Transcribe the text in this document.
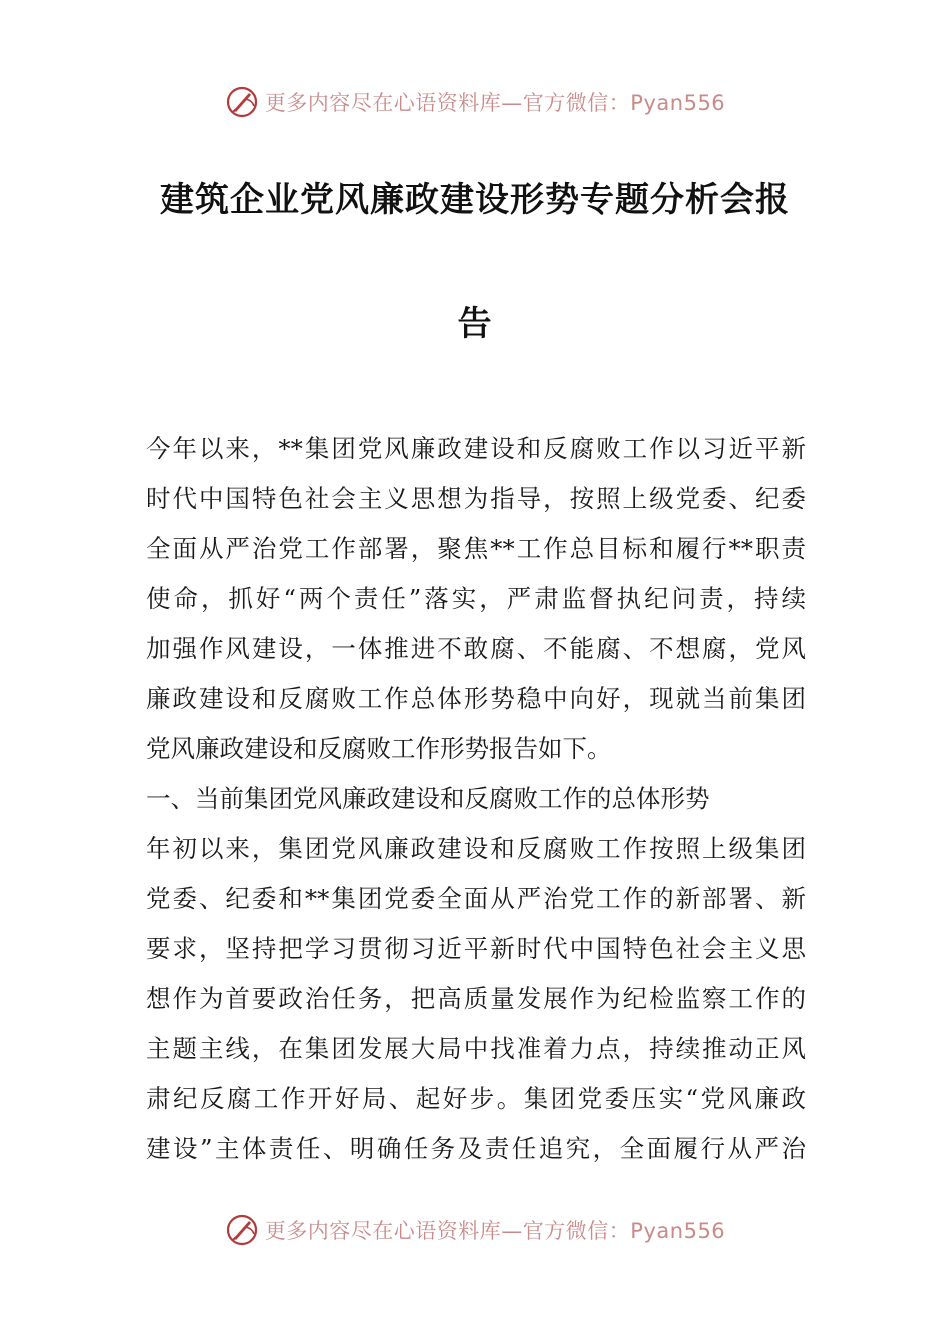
更多内容尽在心语资料库—官方微信：Pyan556
建筑企业党风廉政建设形势专题分析会报
告
今年以来，**集团党风廉政建设和反腐败工作以习近平新
时代中国特色社会主义思想为指导，按照上级党委、纪委
全面从严治党工作部署，聚焦**工作总目标和履行**职责
使命，抓好“两个责任”落实，严肃监督执纪问责，持续
加强作风建设，一体推进不敢腐、不能腐、不想腐，党风
廉政建设和反腐败工作总体形势稳中向好，现就当前集团
党风廉政建设和反腐败工作形势报告如下。
一、当前集团党风廉政建设和反腐败工作的总体形势
年初以来，集团党风廉政建设和反腐败工作按照上级集团
党委、纪委和**集团党委全面从严治党工作的新部署、新
要求，坚持把学习贯彻习近平新时代中国特色社会主义思
想作为首要政治任务，把高质量发展作为纪检监察工作的
主题主线，在集团发展大局中找准着力点，持续推动正风
肃纪反腐工作开好局、起好步。集团党委压实“党风廉政
建设”主体责任、明确任务及责任追究，全面履行从严治
更多内容尽在心语资料库—官方微信：Pyan556
